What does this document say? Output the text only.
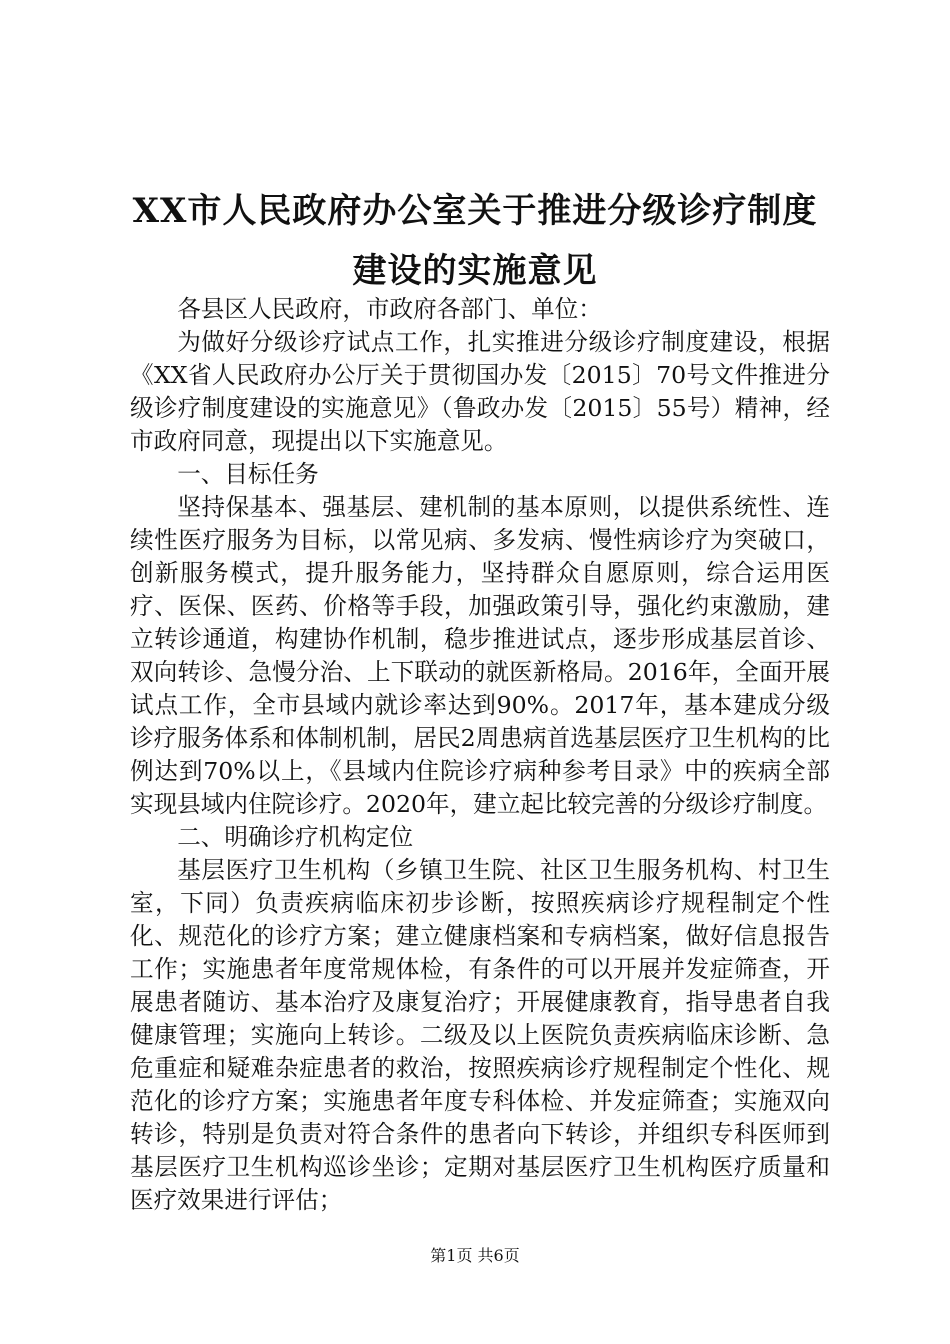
XX市人民政府办公室关于推进分级诊疗制度
建设的实施意见

各县区人民政府，市政府各部门、单位：

为做好分级诊疗试点工作，扎实推进分级诊疗制度建设，根据《XX省人民政府办公厅关于贯彻国办发〔2015〕70号文件推进分级诊疗制度建设的实施意见》（鲁政办发〔2015〕55号）精神，经市政府同意，现提出以下实施意见。

一、目标任务

坚持保基本、强基层、建机制的基本原则，以提供系统性、连续性医疗服务为目标，以常见病、多发病、慢性病诊疗为突破口，创新服务模式，提升服务能力，坚持群众自愿原则，综合运用医疗、医保、医药、价格等手段，加强政策引导，强化约束激励，建立转诊通道，构建协作机制，稳步推进试点，逐步形成基层首诊、双向转诊、急慢分治、上下联动的就医新格局。2016年，全面开展试点工作，全市县域内就诊率达到90%。2017年，基本建成分级诊疗服务体系和体制机制，居民2周患病首选基层医疗卫生机构的比例达到70%以上，《县域内住院诊疗病种参考目录》中的疾病全部实现县域内住院诊疗。2020年，建立起比较完善的分级诊疗制度。

二、明确诊疗机构定位

基层医疗卫生机构（乡镇卫生院、社区卫生服务机构、村卫生室，下同）负责疾病临床初步诊断，按照疾病诊疗规程制定个性化、规范化的诊疗方案；建立健康档案和专病档案，做好信息报告工作；实施患者年度常规体检，有条件的可以开展并发症筛查，开展患者随访、基本治疗及康复治疗；开展健康教育，指导患者自我健康管理；实施向上转诊。二级及以上医院负责疾病临床诊断、急危重症和疑难杂症患者的救治，按照疾病诊疗规程制定个性化、规范化的诊疗方案；实施患者年度专科体检、并发症筛查；实施双向转诊，特别是负责对符合条件的患者向下转诊，并组织专科医师到基层医疗卫生机构巡诊坐诊；定期对基层医疗卫生机构医疗质量和医疗效果进行评估；

第1页 共6页
